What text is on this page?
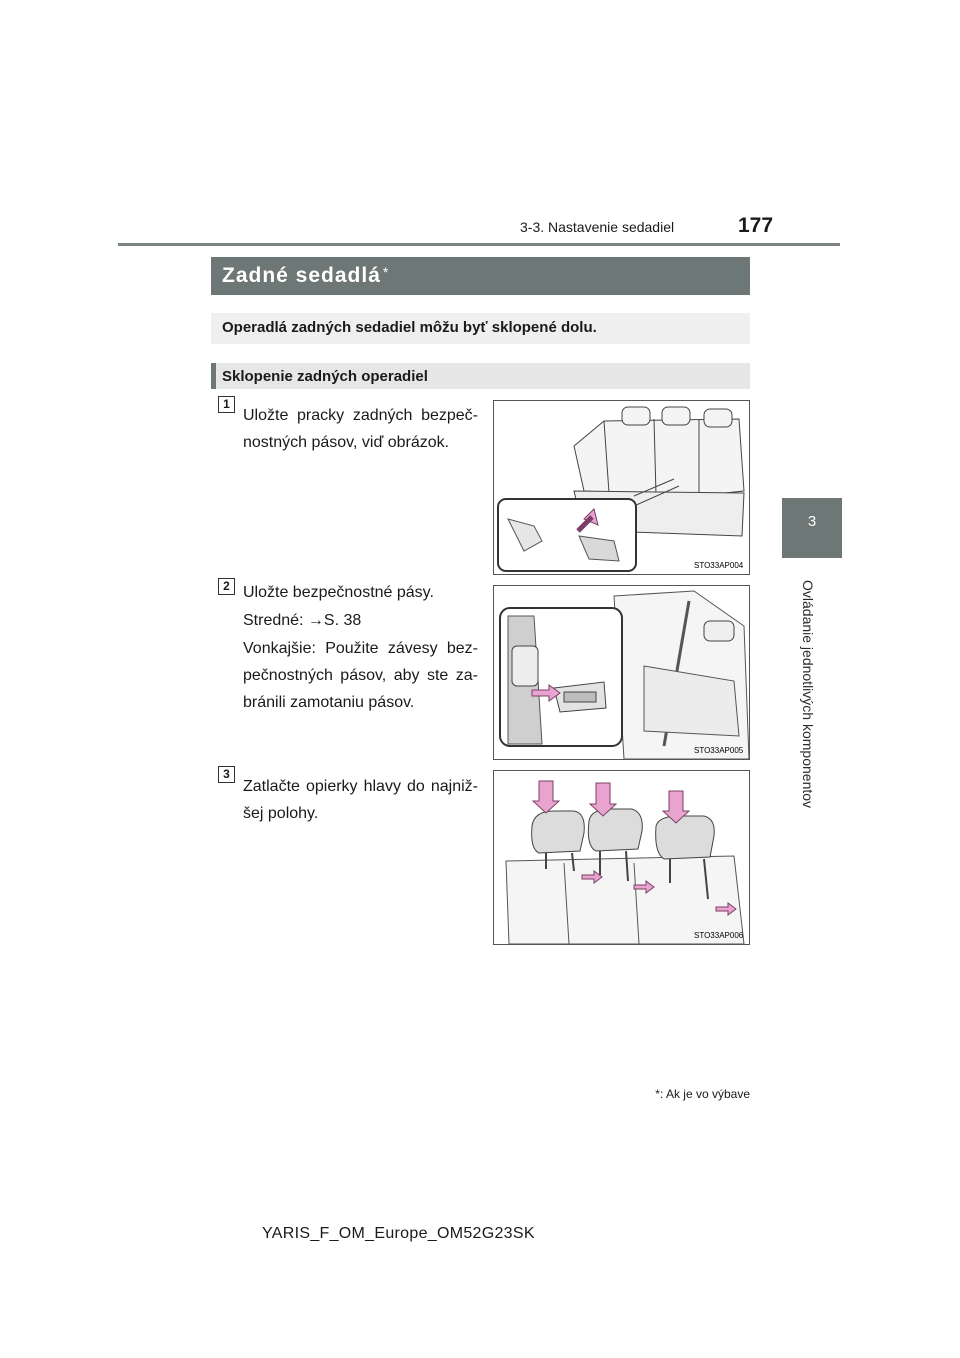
3-3. Nastavenie sedadiel	177
3
Ovládanie jednotlivých komponentov
Zadné sedadlá *
Operadlá zadných sedadiel môžu byť sklopené dolu.
Sklopenie zadných operadiel
1
Uložte pracky zadných bezpeč-nostných pásov, viď obrázok.
STO33AP004
2 Uložte bezpečnostné pásy.
Stredné: →S. 38
Vonkajšie: Použite závesy bez-pečnostných pásov, aby ste za-bránili zamotaniu pásov.
STO33AP005
3
Zatlačte opierky hlavy do najniž-šej polohy.
STO33AP006
*: Ak je vo výbave
YARIS_F_OM_Europe_OM52G23SK
